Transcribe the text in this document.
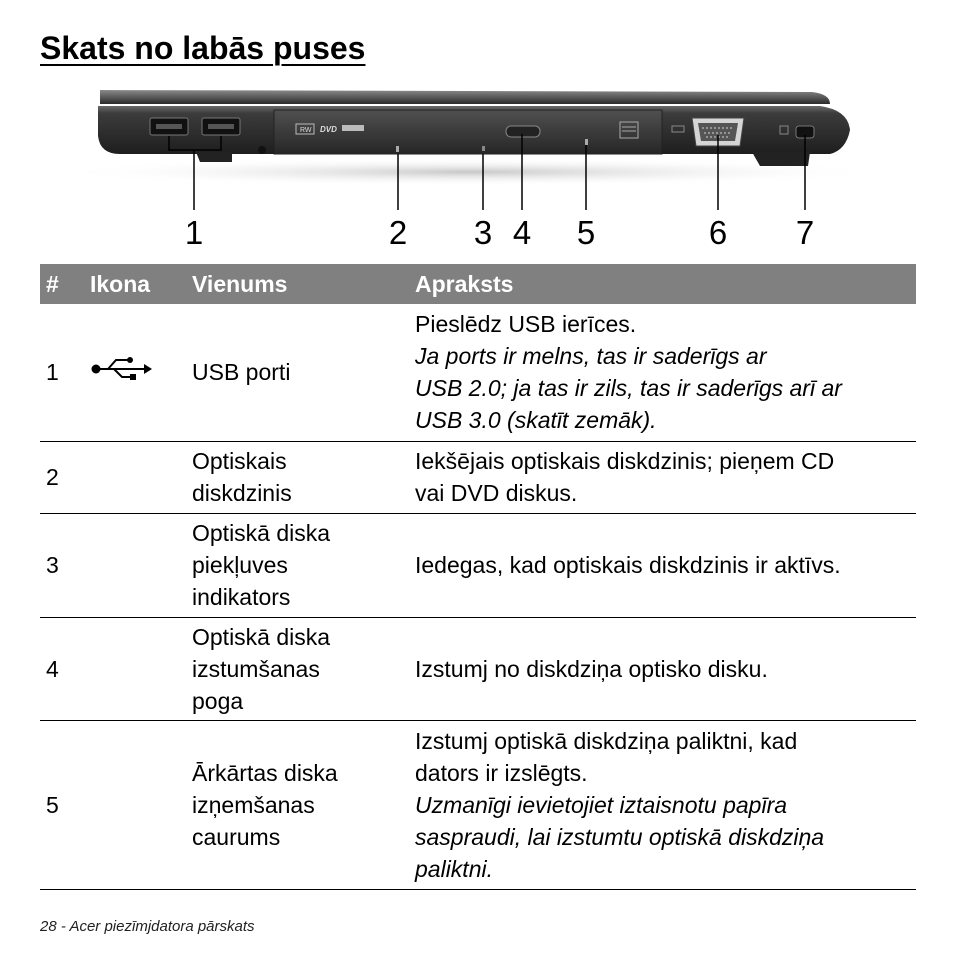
Skats no labās puses
RW DVD
1	2 3 4 5	6 7
#	Ikona	Vienums	Apraksts
1		USB porti	Pieslēdz USB ierīces.
Ja ports ir melns, tas ir saderīgs ar
USB 2.0; ja tas ir zils, tas ir saderīgs arī ar
USB 3.0 (skatīt zemāk).

2		Optiskais
diskdzinis	Iekšējais optiskais diskdzinis; pieņem CD
vai DVD diskus.

3		Optiskā diska
piekļuves
indikators	Iedegas, kad optiskais diskdzinis ir aktīvs.

4		Optiskā diska
izstumšanas
poga	Izstumj no diskdziņa optisko disku.

5		Ārkārtas diska
izņemšanas
caurums	Izstumj optiskā diskdziņa paliktni, kad
dators ir izslēgts.
Uzmanīgi ievietojiet iztaisnotu papīra
saspraudi, lai izstumtu optiskā diskdziņa
paliktni.
28 - Acer piezīmjdatora pārskats
